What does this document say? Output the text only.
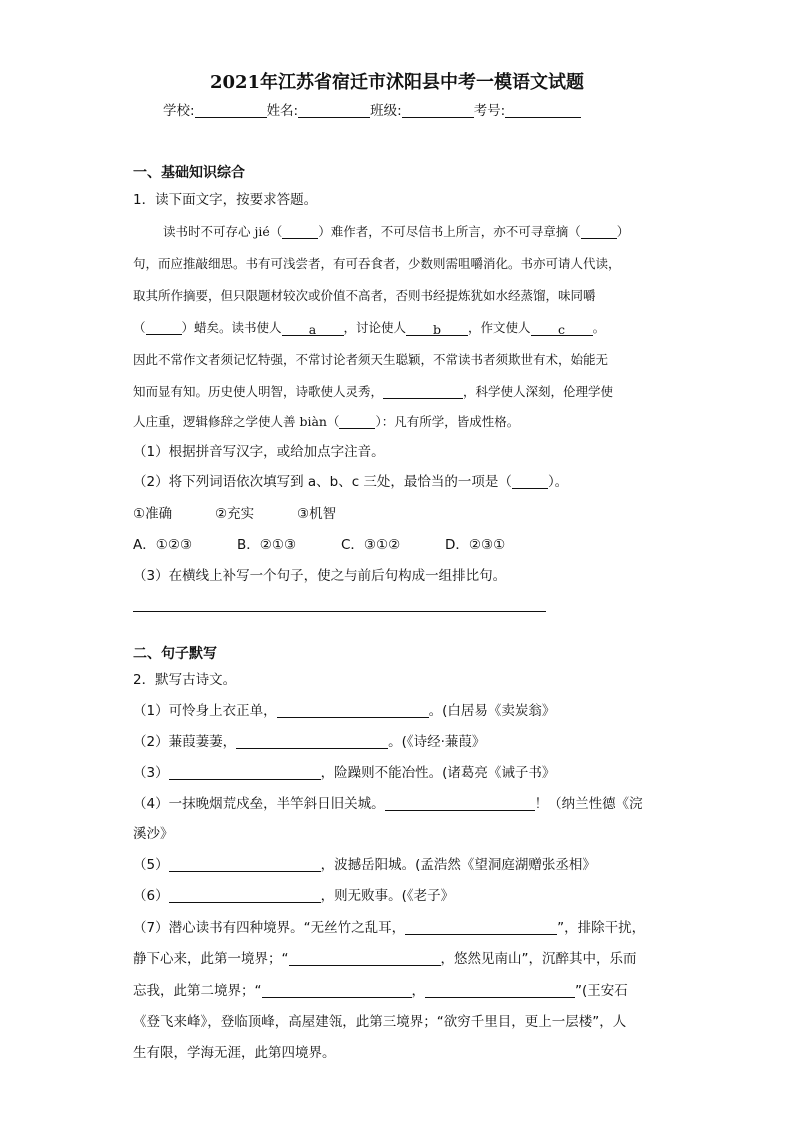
2021年江苏省宿迁市沭阳县中考一模语文试题
学校:	姓名:	班级:	考号:
一、基础知识综合
1．读下面文字，按要求答题。
读书时不可存心 jié（	）难作者，不可尽信书上所言，亦不可寻章摘（	）
句，而应推敲细思。书有可浅尝者，有可吞食者，少数则需咀嚼消化。书亦可请人代读，
取其所作摘要，但只限题材较次或价值不高者，否则书经提炼犹如水经蒸馏，味同嚼
（	）蜡矣。读书使人 a ，讨论使人 b ，作文使人 c 。
因此不常作文者须记忆特强，不常讨论者须天生聪颖，不常读书者须欺世有术，始能无
知而显有知。历史使人明智，诗歌使人灵秀，	，科学使人深刻，伦理学使
人庄重，逻辑修辞之学使人善 biàn（	）：凡有所学，皆成性格。
（1）根据拼音写汉字，或给加点字注音。
（2）将下列词语依次填写到 a、b、c 三处，最恰当的一项是（	）。
①准确	②充实	③机智
A．①②③	B．②①③	C．③①②	D．②③①
（3）在横线上补写一个句子，使之与前后句构成一组排比句。
二、句子默写
2．默写古诗文。
（1）可怜身上衣正单，	。(白居易《卖炭翁》
（2）蒹葭萋萋，	。(《诗经·蒹葭》
（3）	，险躁则不能冶性。(诸葛亮《诫子书》
（4）一抹晚烟荒戍垒，半竿斜日旧关城。	！（纳兰性德《浣
溪沙》
（5）	，波撼岳阳城。(孟浩然《望洞庭湖赠张丞相》
（6）	，则无败事。(《老子》
（7）潜心读书有四种境界。“无丝竹之乱耳，	”，排除干扰，
静下心来，此第一境界；“	，悠然见南山”，沉醉其中，乐而
忘我，此第二境界；“	，	”(王安石
《登飞来峰》，登临顶峰，高屋建瓴，此第三境界；“欲穷千里目，更上一层楼”，人
生有限，学海无涯，此第四境界。
